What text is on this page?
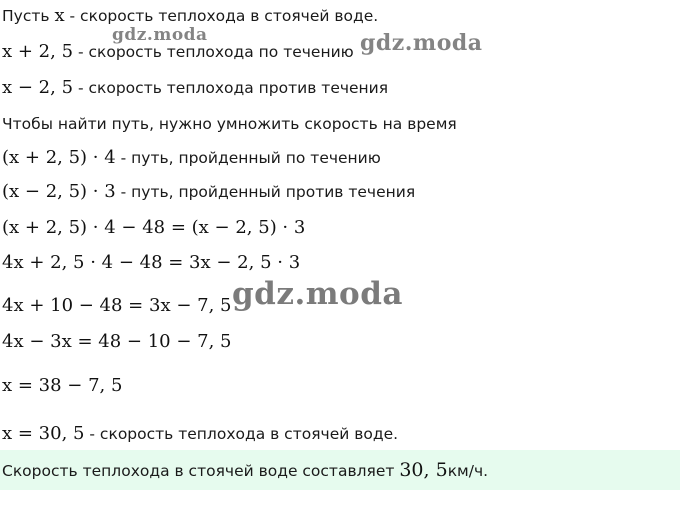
Пусть x - скорость теплохода в стоячей воде.
x + 2, 5 - скорость теплохода по течению
x − 2, 5 - скорость теплохода против течения
Чтобы найти путь, нужно умножить скорость на время
(x + 2, 5) · 4 - путь, пройденный по течению
(x − 2, 5) · 3 - путь, пройденный против течения
(x + 2, 5) · 4 − 48 = (x − 2, 5) · 3
4x + 2, 5 · 4 − 48 = 3x − 2, 5 · 3
4x + 10 − 48 = 3x − 7, 5
4x − 3x = 48 − 10 − 7, 5
x = 38 − 7, 5
x = 30, 5 - скорость теплохода в стоячей воде.
Скорость теплохода в стоячей воде составляет 30, 5км/ч.
gdz.moda	gdz.moda
gdz.moda
